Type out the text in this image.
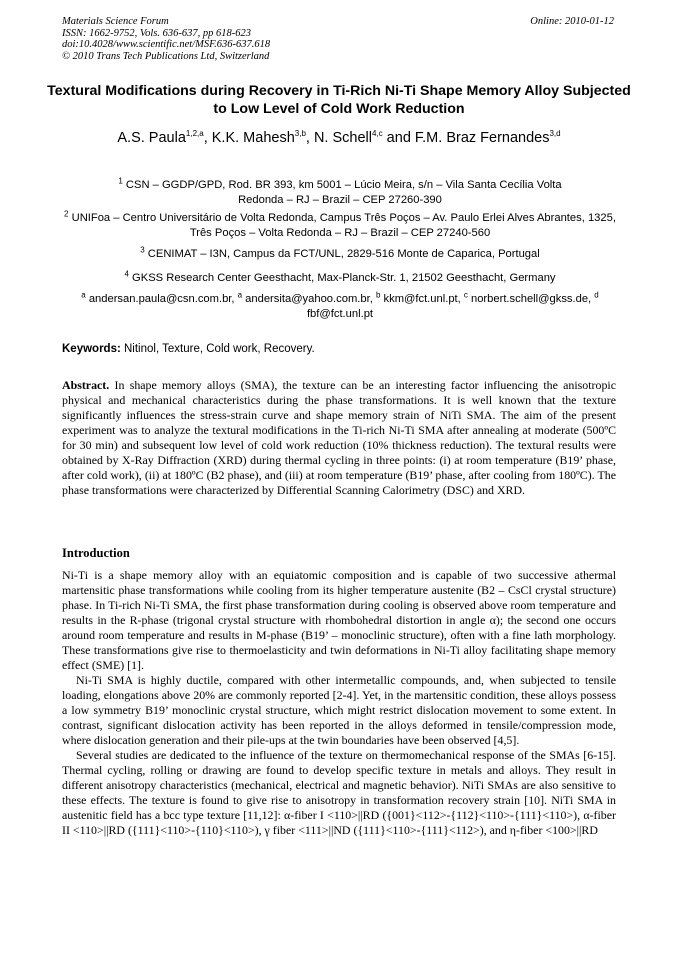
Materials Science Forum
ISSN: 1662-9752, Vols. 636-637, pp 618-623
doi:10.4028/www.scientific.net/MSF.636-637.618
© 2010 Trans Tech Publications Ltd, Switzerland
Online: 2010-01-12
Textural Modifications during Recovery in Ti-Rich Ni-Ti Shape Memory Alloy Subjected to Low Level of Cold Work Reduction
A.S. Paula$^{1,2,a}$, K.K. Mahesh$^{3,b}$, N. Schell$^{4,c}$ and F.M. Braz Fernandes$^{3,d}$
$^1$ CSN – GGDP/GPD, Rod. BR 393, km 5001 – Lúcio Meira, s/n – Vila Santa Cecília Volta Redonda – RJ – Brazil – CEP 27260-390
$^2$ UNIFoa – Centro Universitário de Volta Redonda, Campus Três Poços – Av. Paulo Erlei Alves Abrantes, 1325, Três Poços – Volta Redonda – RJ – Brazil – CEP 27240-560
$^3$ CENIMAT – I3N, Campus da FCT/UNL, 2829-516 Monte de Caparica, Portugal
$^4$ GKSS Research Center Geesthacht, Max-Planck-Str. 1, 21502 Geesthacht, Germany
$^a$ andersan.paula@csn.com.br, $^a$ andersita@yahoo.com.br, $^b$ kkm@fct.unl.pt, $^c$ norbert.schell@gkss.de, $^d$ fbf@fct.unl.pt
Keywords: Nitinol, Texture, Cold work, Recovery.
Abstract. In shape memory alloys (SMA), the texture can be an interesting factor influencing the anisotropic physical and mechanical characteristics during the phase transformations. It is well known that the texture significantly influences the stress-strain curve and shape memory strain of NiTi SMA. The aim of the present experiment was to analyze the textural modifications in the Ti-rich Ni-Ti SMA after annealing at moderate (500ºC for 30 min) and subsequent low level of cold work reduction (10% thickness reduction). The textural results were obtained by X-Ray Diffraction (XRD) during thermal cycling in three points: (i) at room temperature (B19’ phase, after cold work), (ii) at 180ºC (B2 phase), and (iii) at room temperature (B19’ phase, after cooling from 180ºC). The phase transformations were characterized by Differential Scanning Calorimetry (DSC) and XRD.
Introduction
Ni-Ti is a shape memory alloy with an equiatomic composition and is capable of two successive athermal martensitic phase transformations while cooling from its higher temperature austenite (B2 – CsCl crystal structure) phase. In Ti-rich Ni-Ti SMA, the first phase transformation during cooling is observed above room temperature and results in the R-phase (trigonal crystal structure with rhombohedral distortion in angle α); the second one occurs around room temperature and results in M-phase (B19’ – monoclinic structure), often with a fine lath morphology. These transformations give rise to thermoelasticity and twin deformations in Ni-Ti alloy facilitating shape memory effect (SME) [1].
Ni-Ti SMA is highly ductile, compared with other intermetallic compounds, and, when subjected to tensile loading, elongations above 20% are commonly reported [2-4]. Yet, in the martensitic condition, these alloys possess a low symmetry B19’ monoclinic crystal structure, which might restrict dislocation movement to some extent. In contrast, significant dislocation activity has been reported in the alloys deformed in tensile/compression mode, where dislocation generation and their pile-ups at the twin boundaries have been observed [4,5].
Several studies are dedicated to the influence of the texture on thermomechanical response of the SMAs [6-15]. Thermal cycling, rolling or drawing are found to develop specific texture in metals and alloys. They result in different anisotropy characteristics (mechanical, electrical and magnetic behavior). NiTi SMAs are also sensitive to these effects. The texture is found to give rise to anisotropy in transformation recovery strain [10]. NiTi SMA in austenitic field has a bcc type texture [11,12]: α-fiber I <110>||RD ({001}<112>-{112}<110>-{111}<110>), α-fiber II <110>||RD ({111}<110>-{110}<110>), γ fiber <111>||ND ({111}<110>-{111}<112>), and η-fiber <100>||RD
